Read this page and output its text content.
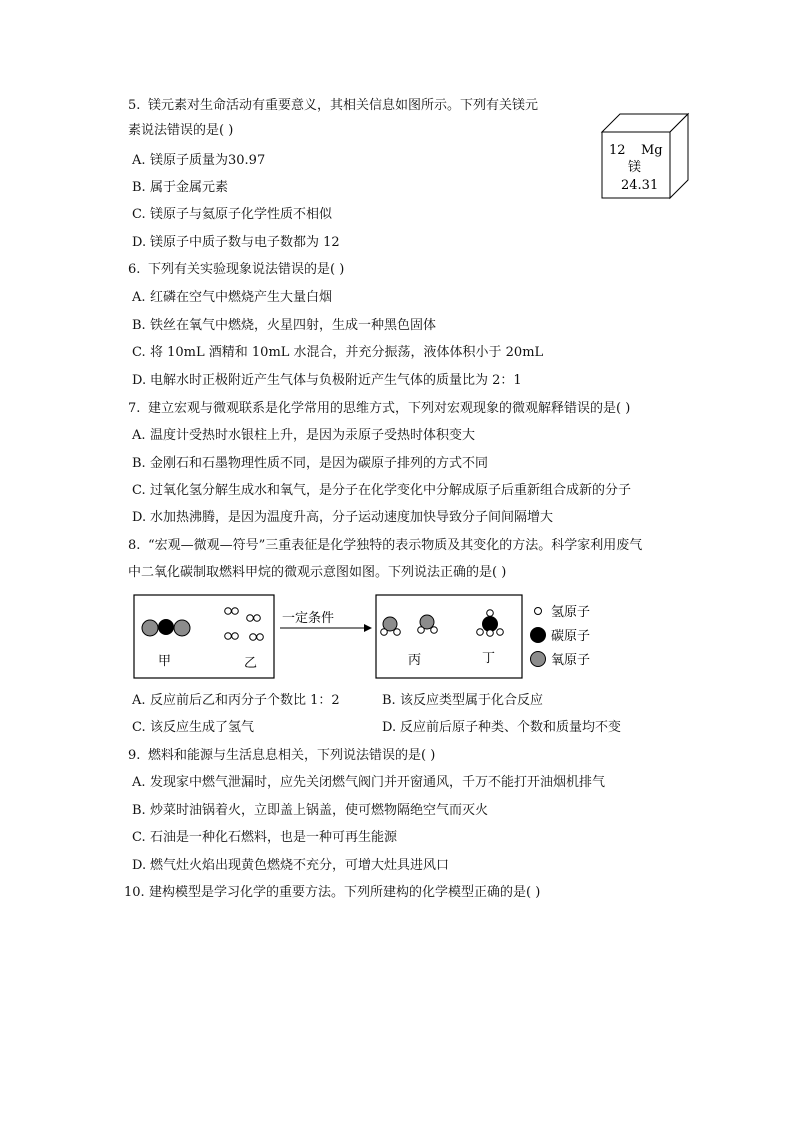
5. 镁元素对生命活动有重要意义，其相关信息如图所示。下列有关镁元
素说法错误的是( )
A. 镁原子质量为30.97
B. 属于金属元素
C. 镁原子与氦原子化学性质不相似
D. 镁原子中质子数与电子数都为 12
12 Mg
镁
24.31
6. 下列有关实验现象说法错误的是( )
A. 红磷在空气中燃烧产生大量白烟
B. 铁丝在氧气中燃烧，火星四射，生成一种黑色固体
C. 将 10mL 酒精和 10mL 水混合，并充分振荡，液体体积小于 20mL
D. 电解水时正极附近产生气体与负极附近产生气体的质量比为 2：1
7. 建立宏观与微观联系是化学常用的思维方式，下列对宏观现象的微观解释错误的是( )
A. 温度计受热时水银柱上升，是因为汞原子受热时体积变大
B. 金刚石和石墨物理性质不同，是因为碳原子排列的方式不同
C. 过氧化氢分解生成水和氧气，是分子在化学变化中分解成原子后重新组合成新的分子
D. 水加热沸腾，是因为温度升高，分子运动速度加快导致分子间间隔增大
8. “宏观—微观—符号”三重表征是化学独特的表示物质及其变化的方法。科学家利用废气
中二氧化碳制取燃料甲烷的微观示意图如图。下列说法正确的是( )
甲	乙
一定条件
丙	丁
氢原子
碳原子
氧原子
A. 反应前后乙和丙分子个数比 1：2	B. 该反应类型属于化合反应
C. 该反应生成了氢气	D. 反应前后原子种类、个数和质量均不变
9. 燃料和能源与生活息息相关，下列说法错误的是( )
A. 发现家中燃气泄漏时，应先关闭燃气阀门并开窗通风，千万不能打开油烟机排气
B. 炒菜时油锅着火，立即盖上锅盖，使可燃物隔绝空气而灭火
C. 石油是一种化石燃料，也是一种可再生能源
D. 燃气灶火焰出现黄色燃烧不充分，可增大灶具进风口
10. 建构模型是学习化学的重要方法。下列所建构的化学模型正确的是( )
